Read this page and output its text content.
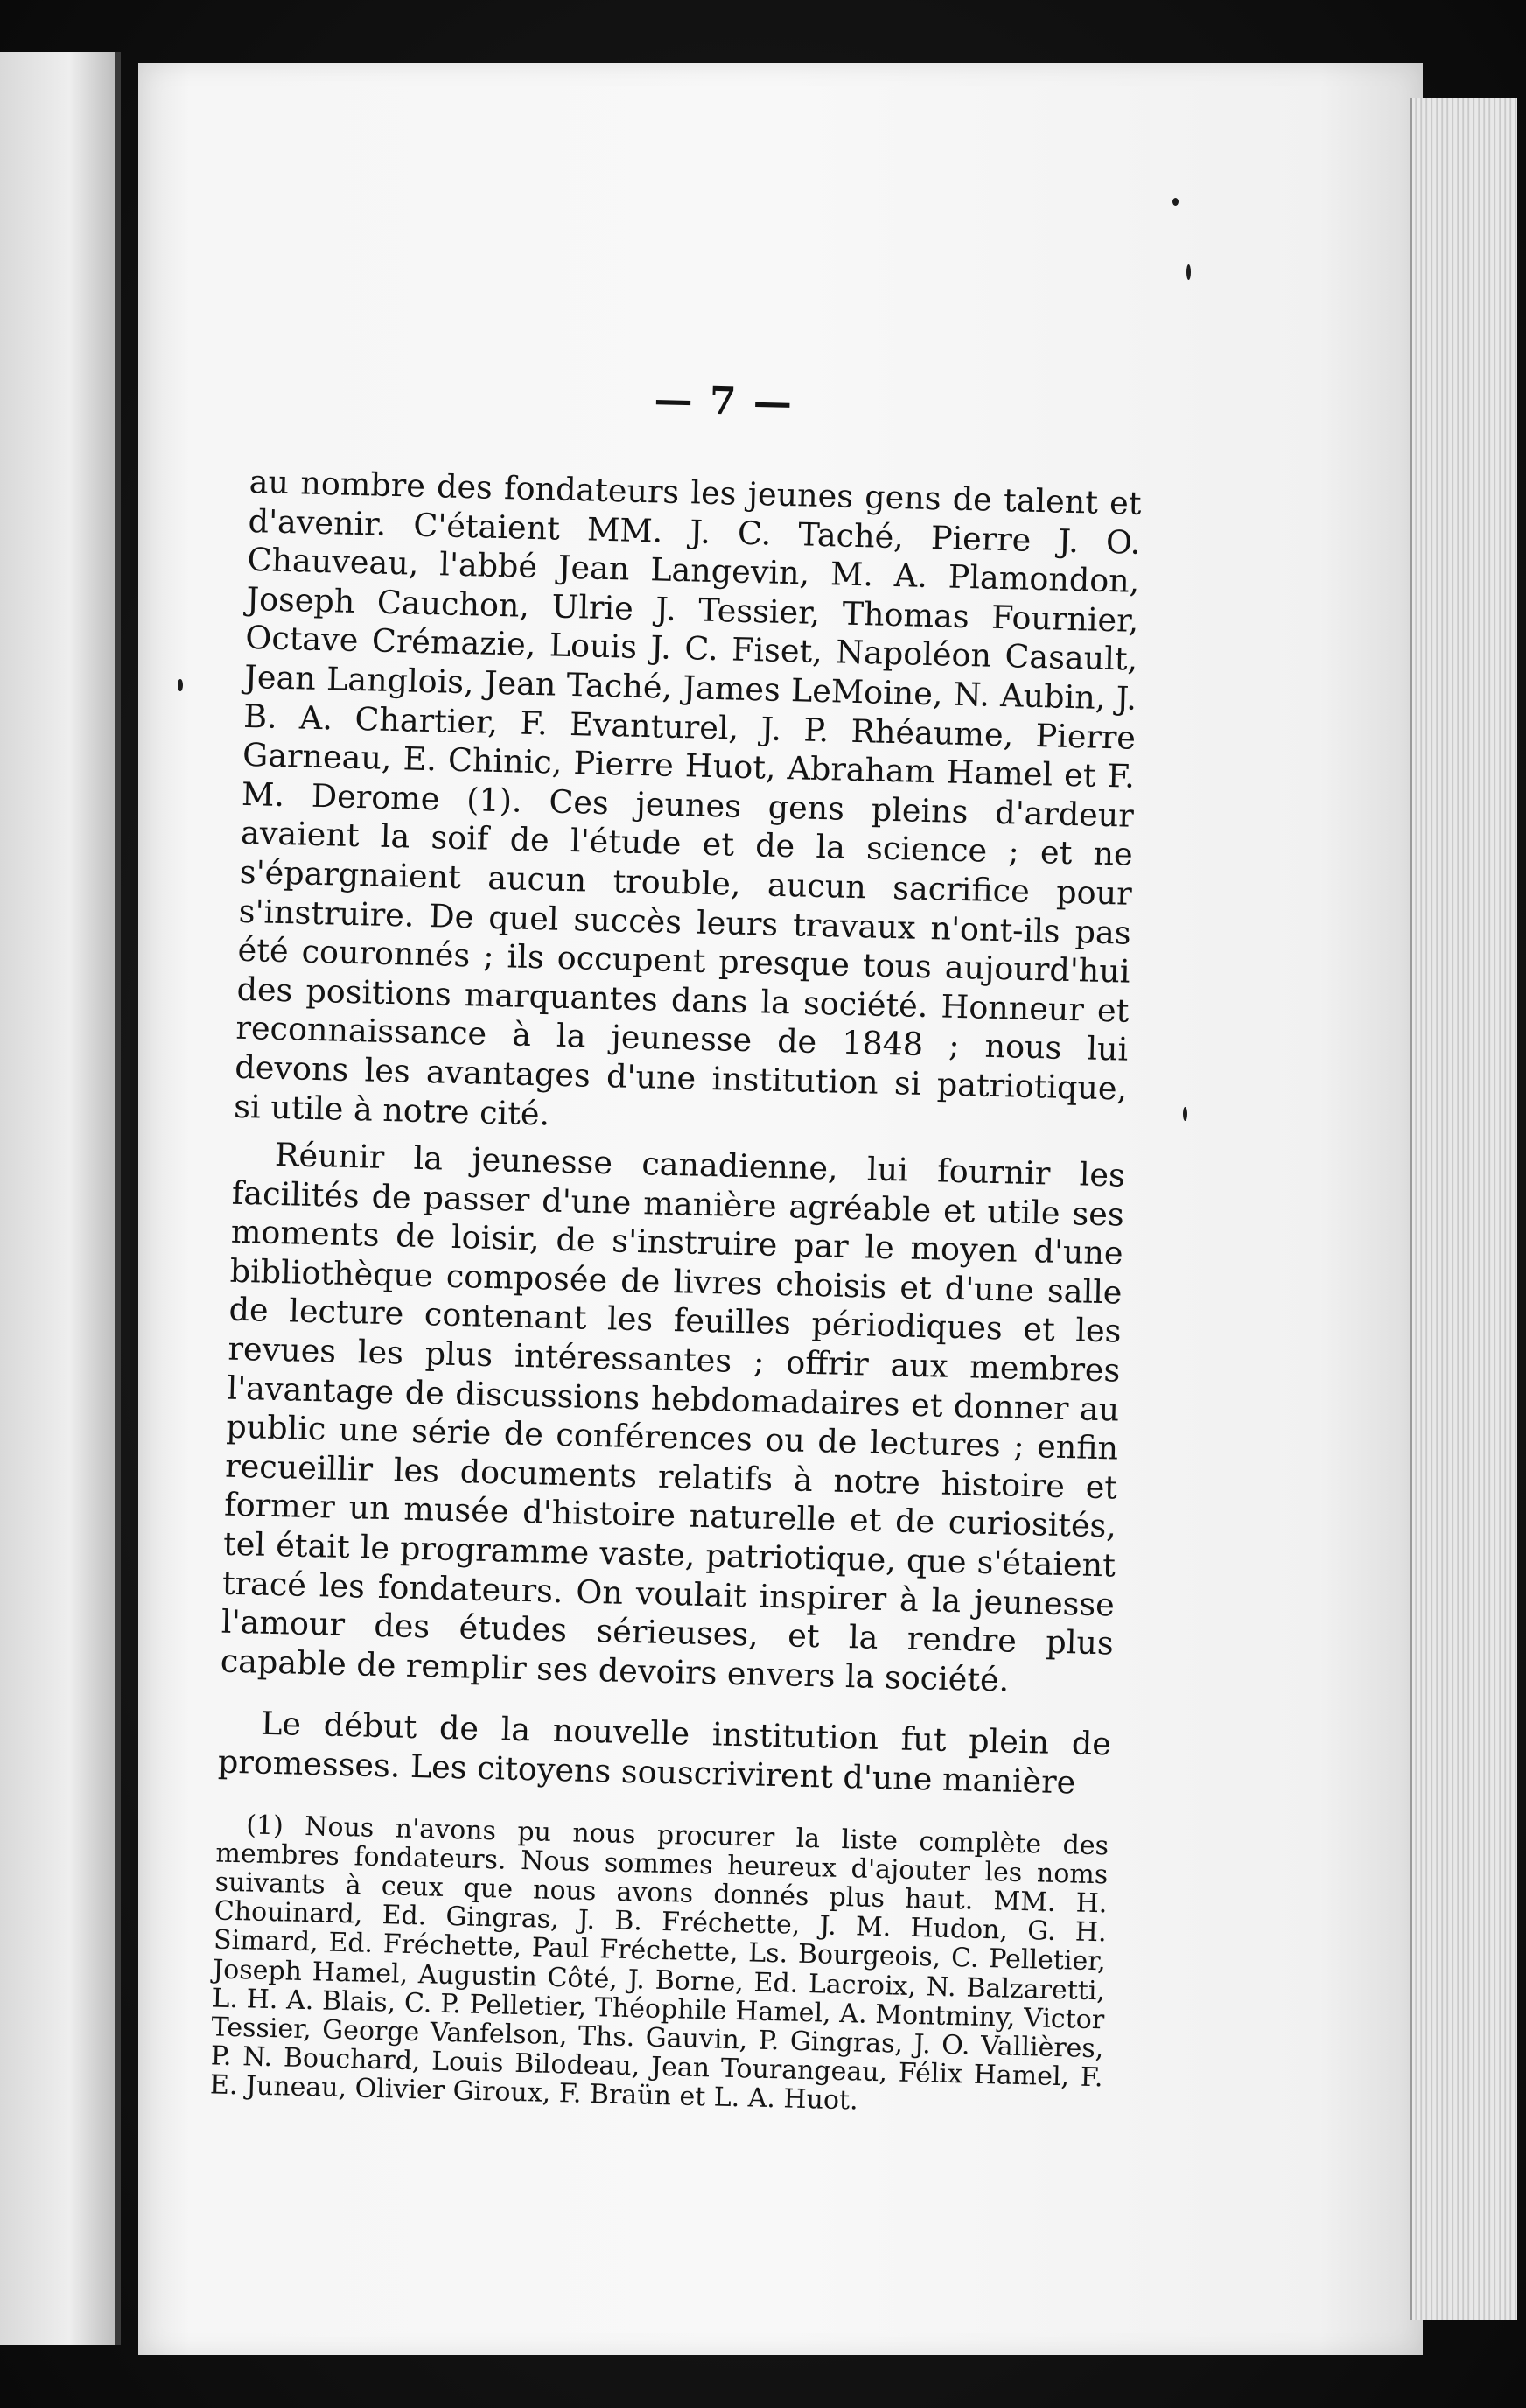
— 7 —

au nombre des fondateurs les jeunes gens de talent et d'avenir. C'étaient MM. J. C. Taché, Pierre J. O. Chauveau, l'abbé Jean Langevin, M. A. Plamondon, Joseph Cauchon, Ulrie J. Tessier, Thomas Fournier, Octave Crémazie, Louis J. C. Fiset, Napoléon Casault, Jean Langlois, Jean Taché, James LeMoine, N. Aubin, J. B. A. Chartier, F. Evanturel, J. P. Rhéaume, Pierre Garneau, E. Chinic, Pierre Huot, Abraham Hamel et F. M. Derome (1). Ces jeunes gens pleins d'ardeur avaient la soif de l'étude et de la science ; et ne s'épargnaient aucun trouble, aucun sacrifice pour s'instruire. De quel succès leurs travaux n'ont-ils pas été couronnés ; ils occupent presque tous aujourd'hui des positions marquantes dans la société. Honneur et reconnaissance à la jeunesse de 1848 ; nous lui devons les avantages d'une institution si patriotique, si utile à notre cité.

Réunir la jeunesse canadienne, lui fournir les facilités de passer d'une manière agréable et utile ses moments de loisir, de s'instruire par le moyen d'une bibliothèque composée de livres choisis et d'une salle de lecture contenant les feuilles périodiques et les revues les plus intéressantes ; offrir aux membres l'avantage de discussions hebdomadaires et donner au public une série de conférences ou de lectures ; enfin recueillir les documents relatifs à notre histoire et former un musée d'histoire naturelle et de curiosités, tel était le programme vaste, patriotique, que s'étaient tracé les fondateurs. On voulait inspirer à la jeunesse l'amour des études sérieuses, et la rendre plus capable de remplir ses devoirs envers la société.

Le début de la nouvelle institution fut plein de promesses. Les citoyens souscrivirent d'une manière

(1) Nous n'avons pu nous procurer la liste complète des membres fondateurs. Nous sommes heureux d'ajouter les noms suivants à ceux que nous avons donnés plus haut. MM. H. Chouinard, Ed. Gingras, J. B. Fréchette, J. M. Hudon, G. H. Simard, Ed. Fréchette, Paul Fréchette, Ls. Bourgeois, C. Pelletier, Joseph Hamel, Augustin Côté, J. Borne, Ed. Lacroix, N. Balzaretti, L. H. A. Blais, C. P. Pelletier, Théophile Hamel, A. Montminy, Victor Tessier, George Vanfelson, Ths. Gauvin, P. Gingras, J. O. Vallières, P. N. Bouchard, Louis Bilodeau, Jean Tourangeau, Félix Hamel, F. E. Juneau, Olivier Giroux, F. Braün et L. A. Huot.
